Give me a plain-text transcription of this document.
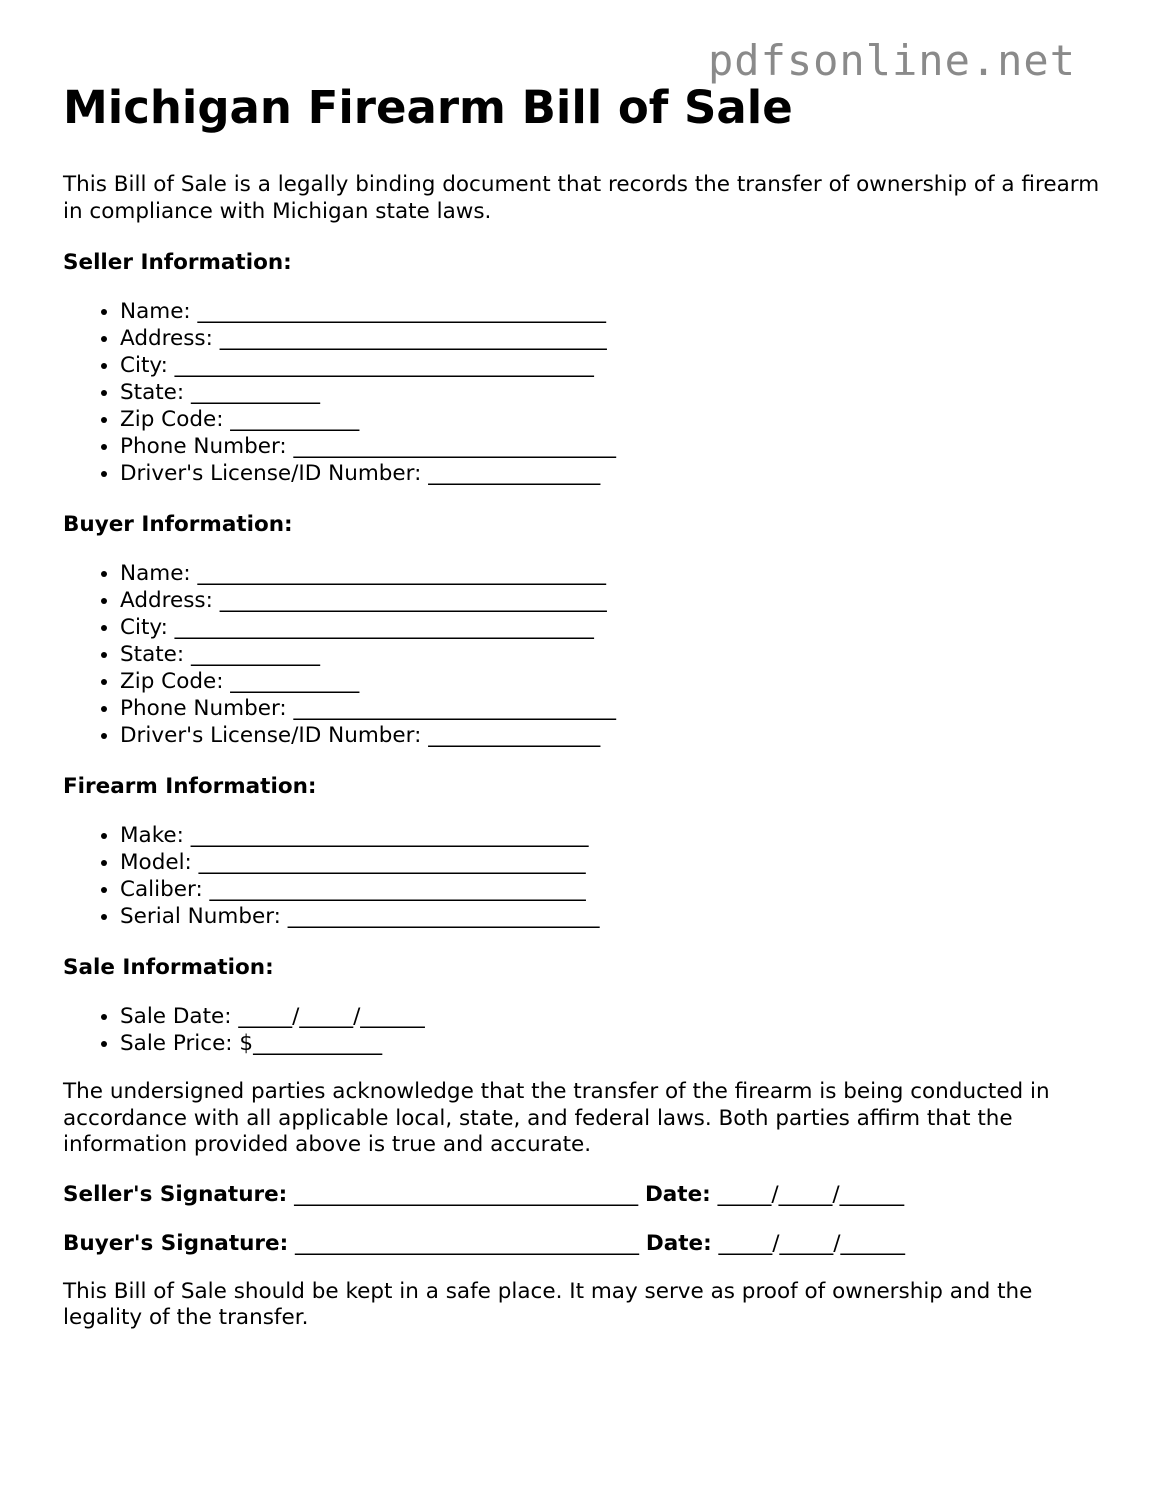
pdfsonline.net
Michigan Firearm Bill of Sale

This Bill of Sale is a legally binding document that records the transfer of ownership of a firearm in compliance with Michigan state laws.

Seller Information:
• Name: ______________________________________
• Address: ____________________________________
• City: _______________________________________
• State: ____________
• Zip Code: ____________
• Phone Number: ______________________________
• Driver's License/ID Number: ________________
Buyer Information:
• Name: ______________________________________
• Address: ____________________________________
• City: _______________________________________
• State: ____________
• Zip Code: ____________
• Phone Number: ______________________________
• Driver's License/ID Number: ________________
Firearm Information:
• Make: _____________________________________
• Model: ____________________________________
• Caliber: ___________________________________
• Serial Number: _____________________________
Sale Information:
• Sale Date: _____/_____/______
• Sale Price: $____________

The undersigned parties acknowledge that the transfer of the firearm is being conducted in accordance with all applicable local, state, and federal laws. Both parties affirm that the information provided above is true and accurate.

Seller's Signature: ________________________________ Date: _____/_____/______
Buyer's Signature: ________________________________ Date: _____/_____/______

This Bill of Sale should be kept in a safe place. It may serve as proof of ownership and the legality of the transfer.
